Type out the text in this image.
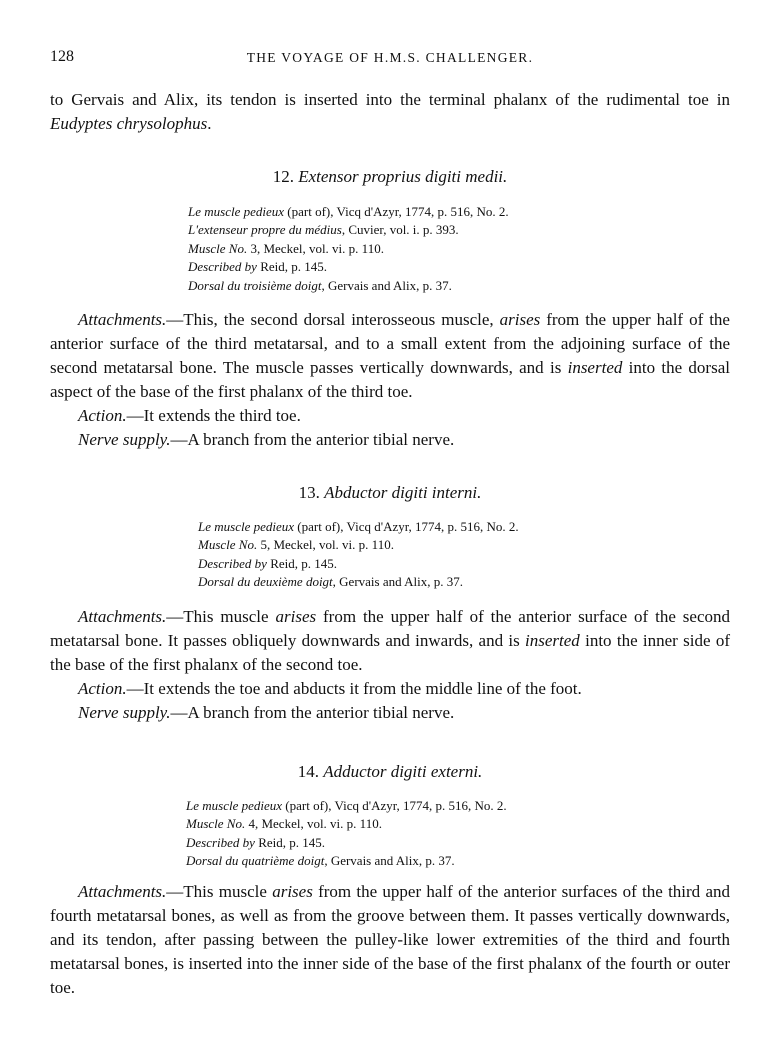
128	THE VOYAGE OF H.M.S. CHALLENGER.

to Gervais and Alix, its tendon is inserted into the terminal phalanx of the rudimental toe in Eudyptes chrysolophus.

12. Extensor proprius digiti medii.
Le muscle pedieux (part of), Vicq d'Azyr, 1774, p. 516, No. 2.
L'extenseur propre du médius, Cuvier, vol. i. p. 393.
Muscle No. 3, Meckel, vol. vi. p. 110.
Described by Reid, p. 145.
Dorsal du troisième doigt, Gervais and Alix, p. 37.

Attachments.—This, the second dorsal interosseous muscle, arises from the upper half of the anterior surface of the third metatarsal, and to a small extent from the adjoining surface of the second metatarsal bone. The muscle passes vertically downwards, and is inserted into the dorsal aspect of the base of the first phalanx of the third toe.

Action.—It extends the third toe.

Nerve supply.—A branch from the anterior tibial nerve.

13. Abductor digiti interni.
Le muscle pedieux (part of), Vicq d'Azyr, 1774, p. 516, No. 2.
Muscle No. 5, Meckel, vol. vi. p. 110.
Described by Reid, p. 145.
Dorsal du deuxième doigt, Gervais and Alix, p. 37.

Attachments.—This muscle arises from the upper half of the anterior surface of the second metatarsal bone. It passes obliquely downwards and inwards, and is inserted into the inner side of the base of the first phalanx of the second toe.

Action.—It extends the toe and abducts it from the middle line of the foot.

Nerve supply.—A branch from the anterior tibial nerve.

14. Adductor digiti externi.
Le muscle pedieux (part of), Vicq d'Azyr, 1774, p. 516, No. 2.
Muscle No. 4, Meckel, vol. vi. p. 110.
Described by Reid, p. 145.
Dorsal du quatrième doigt, Gervais and Alix, p. 37.

Attachments.—This muscle arises from the upper half of the anterior surfaces of the third and fourth metatarsal bones, as well as from the groove between them. It passes vertically downwards, and its tendon, after passing between the pulley-like lower extremities of the third and fourth metatarsal bones, is inserted into the inner side of the base of the first phalanx of the fourth or outer toe.
